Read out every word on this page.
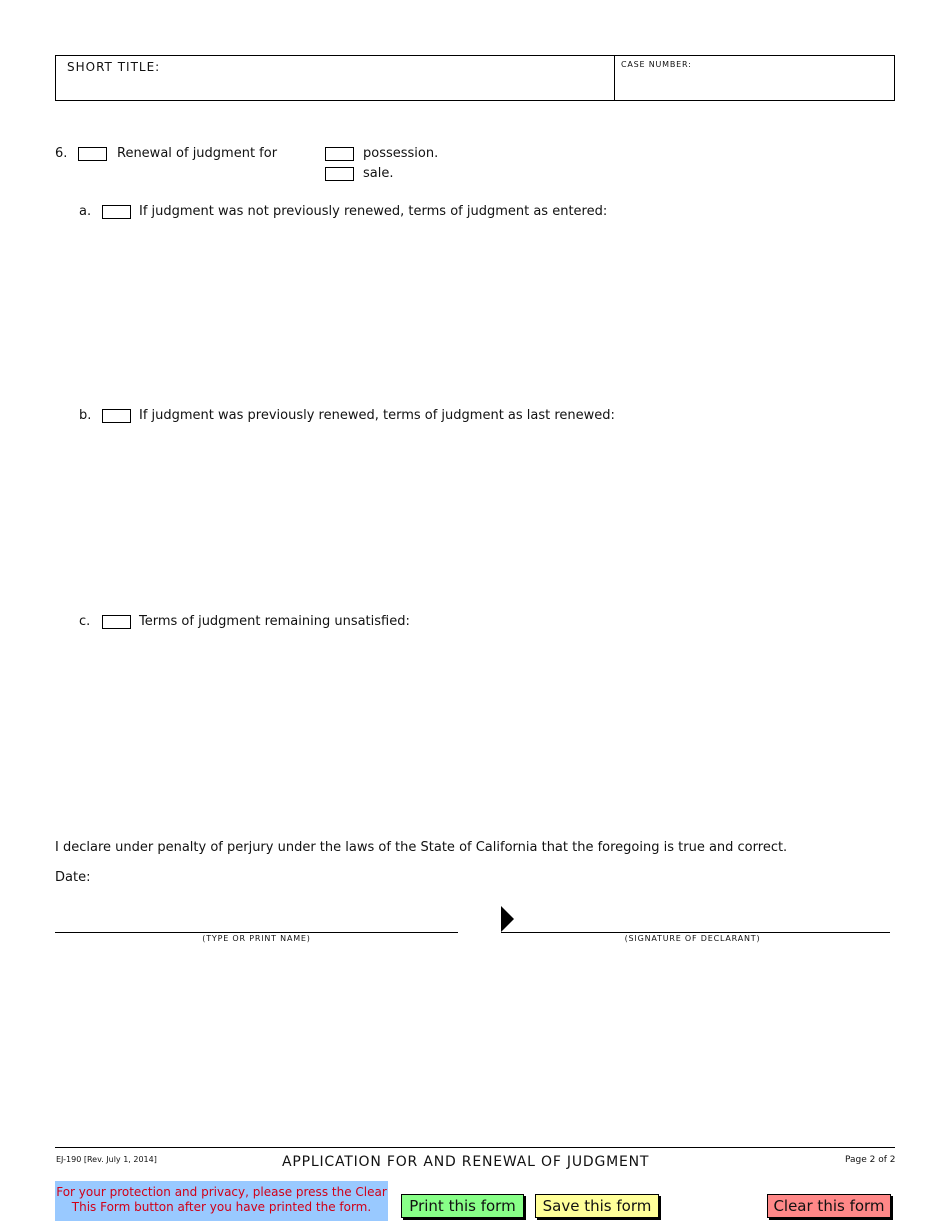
SHORT TITLE:	CASE NUMBER:
6.	Renewal of judgment for	possession.
sale.
a.	If judgment was not previously renewed, terms of judgment as entered:
b.	If judgment was previously renewed, terms of judgment as last renewed:
c.	Terms of judgment remaining unsatisfied:
I declare under penalty of perjury under the laws of the State of California that the foregoing is true and correct.
Date:
(TYPE OR PRINT NAME)	(SIGNATURE OF DECLARANT)
EJ-190 [Rev. July 1, 2014]	APPLICATION FOR AND RENEWAL OF JUDGMENT	Page 2 of 2
For your protection and privacy, please press the Clear This Form button after you have printed the form.	Print this form	Save this form	Clear this form
